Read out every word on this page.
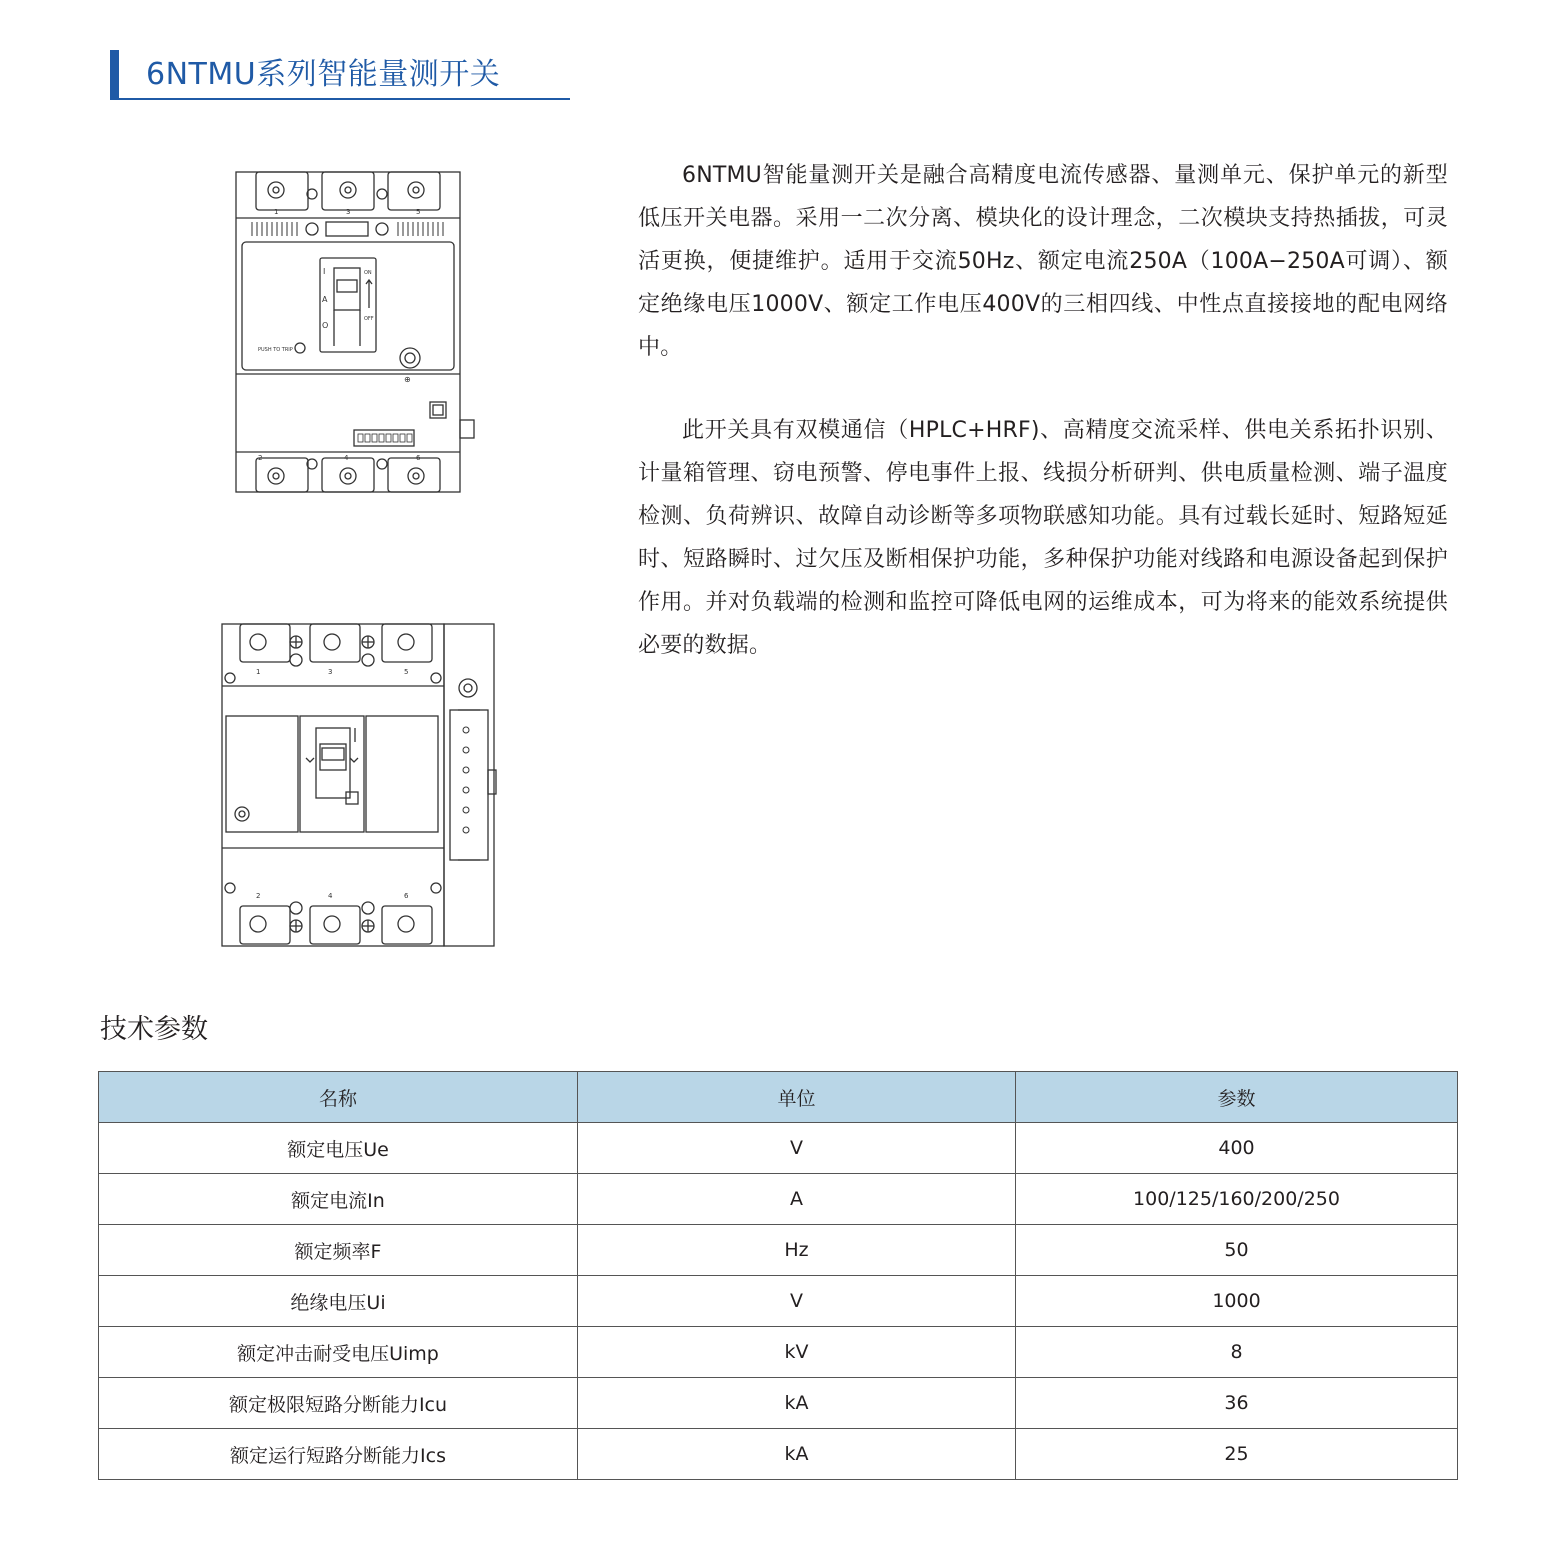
6NTMU系列智能量测开关
1	3	5
I
A
O
ON
OFF
PUSH TO TRIP
⊕
2	4	6
1	3	5
2	4	6

6NTMU智能量测开关是融合高精度电流传感器、量测单元、保护单元的新型低压开关电器。采用一二次分离、模块化的设计理念，二次模块支持热插拔，可灵活更换，便捷维护。适用于交流50Hz、额定电流250A（100A−250A可调）、额定绝缘电压1000V、额定工作电压400V的三相四线、中性点直接接地的配电网络中。

此开关具有双模通信（HPLC+HRF)、高精度交流采样、供电关系拓扑识别、计量箱管理、窃电预警、停电事件上报、线损分析研判、供电质量检测、端子温度检测、负荷辨识、故障自动诊断等多项物联感知功能。具有过载长延时、短路短延时、短路瞬时、过欠压及断相保护功能，多种保护功能对线路和电源设备起到保护作用。并对负载端的检测和监控可降低电网的运维成本，可为将来的能效系统提供必要的数据。

技术参数
名称	单位	参数
额定电压Ue	V	400
额定电流In	A	100/125/160/200/250
额定频率F	Hz	50
绝缘电压Ui	V	1000
额定冲击耐受电压Uimp	kV	8
额定极限短路分断能力Icu	kA	36
额定运行短路分断能力Ics	kA	25
